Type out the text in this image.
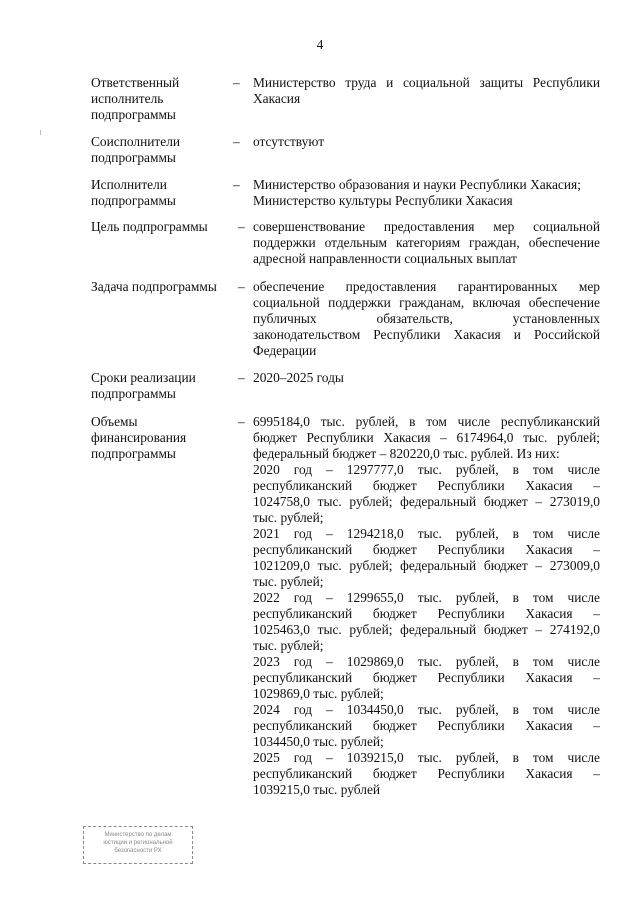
4
Ответственный
исполнитель
подпрограммы
– Министерство труда и социальной защиты Республики
Хакасия
Соисполнители
подпрограммы
– отсутствуют
Исполнители
подпрограммы
– Министерство образования и науки Республики Хакасия;
Министерство культуры Республики Хакасия
Цель подпрограммы	– совершенствование предоставления мер социальной
поддержки отдельным категориям граждан, обеспечение
адресной направленности социальных выплат
Задача подпрограммы	– обеспечение предоставления гарантированных мер
социальной поддержки гражданам, включая обеспечение
публичных обязательств, установленных
законодательством Республики Хакасия и Российской
Федерации
Сроки реализации
подпрограммы
– 2020–2025 годы
Объемы
финансирования
подпрограммы
– 6995184,0 тыс. рублей, в том числе республиканский
бюджет Республики Хакасия – 6174964,0 тыс. рублей;
федеральный бюджет – 820220,0 тыс. рублей. Из них:
2020 год – 1297777,0 тыс. рублей, в том числе
республиканский бюджет Республики Хакасия –
1024758,0 тыс. рублей; федеральный бюджет – 273019,0
тыс. рублей;
2021 год – 1294218,0 тыс. рублей, в том числе
республиканский бюджет Республики Хакасия –
1021209,0 тыс. рублей; федеральный бюджет – 273009,0
тыс. рублей;
2022 год – 1299655,0 тыс. рублей, в том числе
республиканский бюджет Республики Хакасия –
1025463,0 тыс. рублей; федеральный бюджет – 274192,0
тыс. рублей;
2023 год – 1029869,0 тыс. рублей, в том числе
республиканский бюджет Республики Хакасия –
1029869,0 тыс. рублей;
2024 год – 1034450,0 тыс. рублей, в том числе
республиканский бюджет Республики Хакасия –
1034450,0 тыс. рублей;
2025 год – 1039215,0 тыс. рублей, в том числе
республиканский бюджет Республики Хакасия –
1039215,0 тыс. рублей
Министерство по делам
юстиции и региональной
безопасности РХ
